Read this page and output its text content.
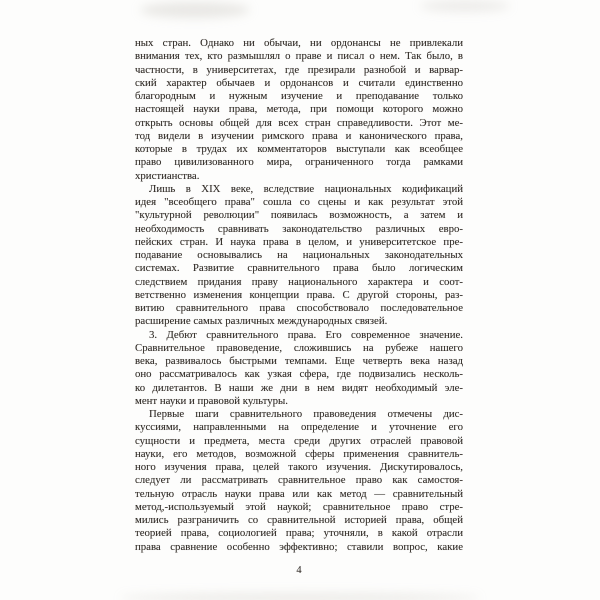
ных стран. Однако ни обычаи, ни ордонансы не привлекали
внимания тех, кто размышлял о праве и писал о нем. Так было, в
частности, в университетах, где презирали разнобой и варвар-
ский характер обычаев и ордонансов и считали единственно
благородным и нужным изучение и преподавание только
настоящей науки права, метода, при помощи которого можно
открыть основы общей для всех стран справедливости. Этот ме-
тод видели в изучении римского права и канонического права,
которые в трудах их комментаторов выступали как всеобщее
право цивилизованного мира, ограниченного тогда рамками
христианства.
Лишь в XIX веке, вследствие национальных кодификаций
идея "всеобщего права" сошла со сцены и как результат этой
"культурной революции" появилась возможность, а затем и
необходимость сравнивать законодательство различных евро-
пейских стран. И наука права в целом, и университетское пре-
подавание основывались на национальных законодательных
системах. Развитие сравнительного права было логическим
следствием придания праву национального характера и соот-
ветственно изменения концепции права. С другой стороны, раз-
витию сравнительного права способствовало последовательное
расширение самых различных международных связей.
3. Дебют сравнительного права. Его современное значение.
Сравнительное правоведение, сложившись на рубеже нашего
века, развивалось быстрыми темпами. Еще четверть века назад
оно рассматривалось как узкая сфера, где подвизались несколь-
ко дилетантов. В наши же дни в нем видят необходимый эле-
мент науки и правовой культуры.
Первые шаги сравнительного правоведения отмечены дис-
куссиями, направленными на определение и уточнение его
сущности и предмета, места среди других отраслей правовой
науки, его методов, возможной сферы применения сравнитель-
ного изучения права, целей такого изучения. Дискутировалось,
следует ли рассматривать сравнительное право как самостоя-
тельную отрасль науки права или как метод — сравнительный
метод,-используемый этой наукой; сравнительное право стре-
мились разграничить со сравнительной историей права, общей
теорией права, социологией права; уточняли, в какой отрасли
права сравнение особенно эффективно; ставили вопрос, какие
4
